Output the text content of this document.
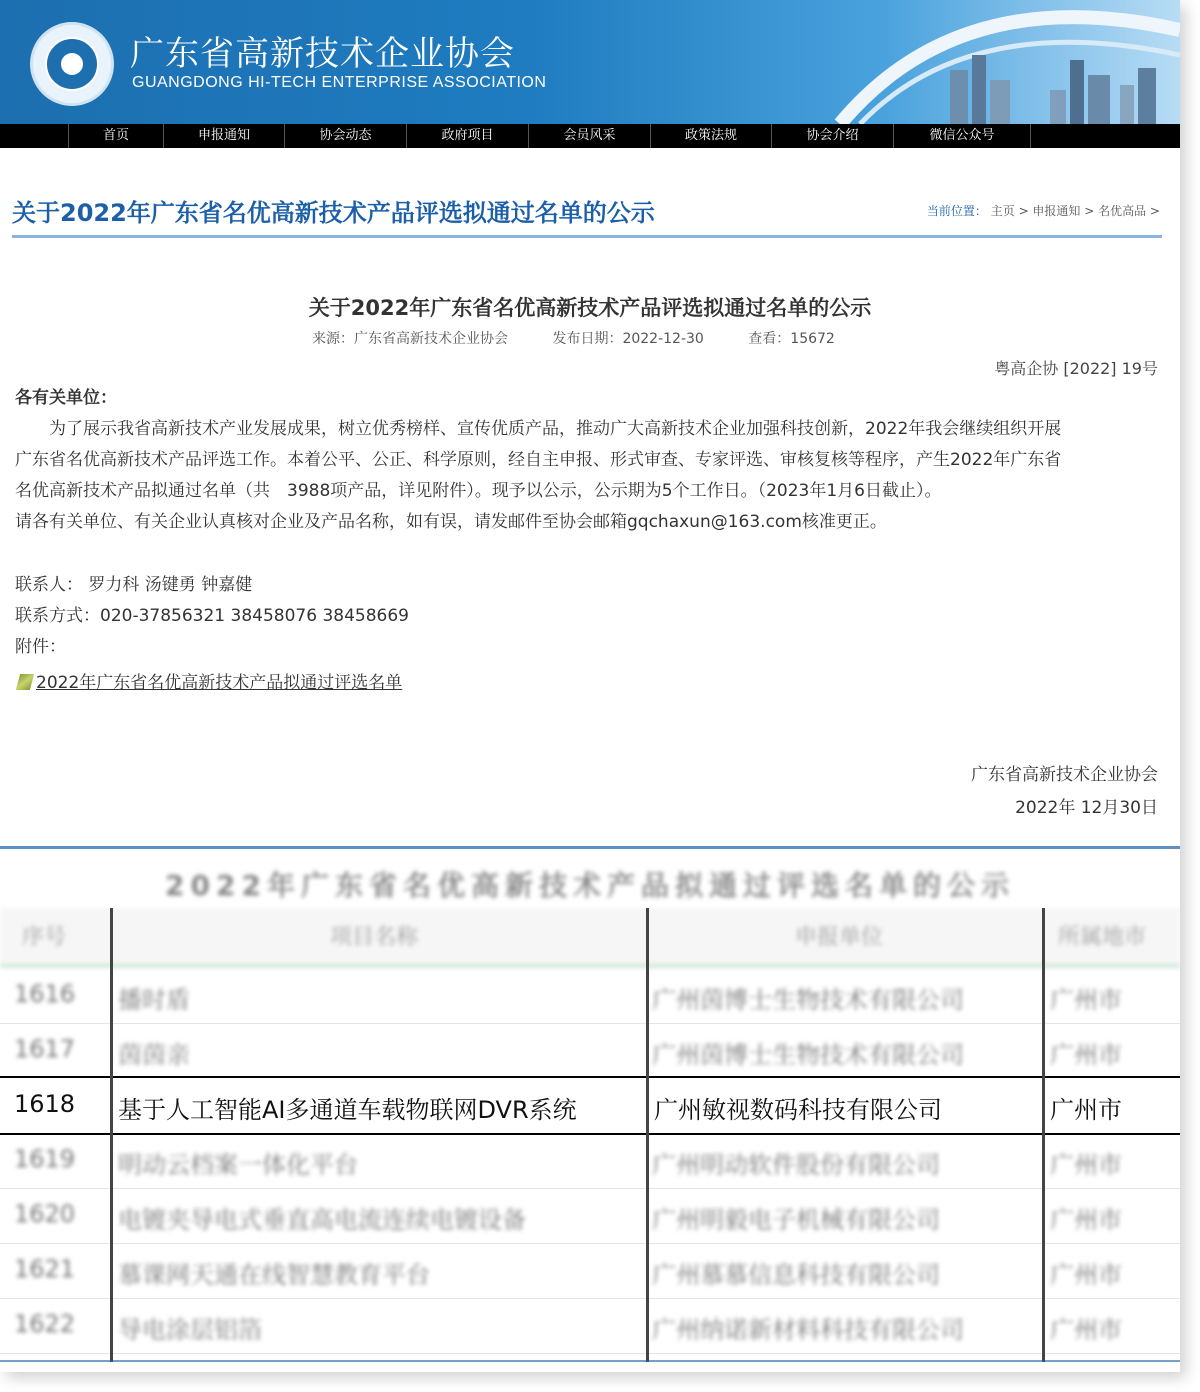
广东省高新技术企业协会
GUANGDONG HI-TECH ENTERPRISE ASSOCIATION
首页	申报通知	协会动态	政府项目	会员风采	政策法规	协会介绍	微信公众号
关于2022年广东省名优高新技术产品评选拟通过名单的公示	当前位置： 主页 > 申报通知 > 名优高品 >
关于2022年广东省名优高新技术产品评选拟通过名单的公示
来源：广东省高新技术企业协会	发布日期：2022-12-30	查看：15672
粤高企协 [2022] 19号
各有关单位：
　　为了展示我省高新技术产业发展成果，树立优秀榜样、宣传优质产品，推动广大高新技术企业加强科技创新，2022年我会继续组织开展
广东省名优高新技术产品评选工作。本着公平、公正、科学原则，经自主申报、形式审查、专家评选、审核复核等程序，产生2022年广东省
名优高新技术产品拟通过名单（共　3988项产品，详见附件）。现予以公示，公示期为5个工作日。（2023年1月6日截止）。
请各有关单位、有关企业认真核对企业及产品名称，如有误，请发邮件至协会邮箱gqchaxun@163.com核准更正。
联系人： 罗力科 汤键勇 钟嘉健
联系方式：020-37856321 38458076 38458669
附件：
2022年广东省名优高新技术产品拟通过评选名单
广东省高新技术企业协会
2022年 12月30日
2022年广东省名优高新技术产品拟通过评选名单的公示
序号	项目名称	申报单位	所属地市
1616 播时盾	广州茵博士生物技术有限公司	广州市
1617 茵茵亲	广州茵博士生物技术有限公司	广州市
1618 基于人工智能AI多通道车载物联网DVR系统	广州敏视数码科技有限公司	广州市
1619 明动云档案一体化平台	广州明动软件股份有限公司	广州市
1620 电镀夹导电式垂直高电流连续电镀设备	广州明毅电子机械有限公司	广州市
1621 慕课网天通在线智慧教育平台	广州慕慕信息科技有限公司	广州市
1622 导电涂层铝箔	广州纳诺新材料科技有限公司	广州市
